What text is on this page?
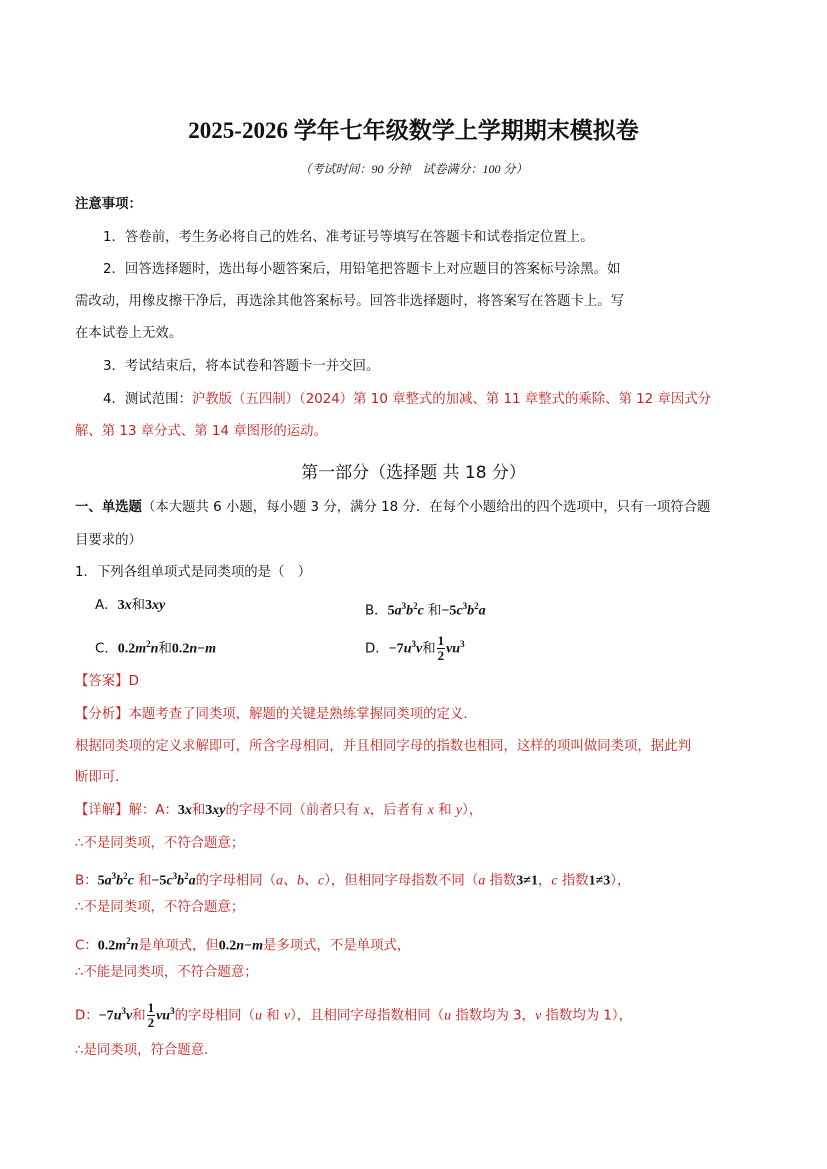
2025-2026 学年七年级数学上学期期末模拟卷
（考试时间：90 分钟　试卷满分：100 分）
注意事项：
1．答卷前，考生务必将自己的姓名、准考证号等填写在答题卡和试卷指定位置上。
2．回答选择题时，选出每小题答案后，用铅笔把答题卡上对应题目的答案标号涂黑。如
需改动，用橡皮擦干净后，再选涂其他答案标号。回答非选择题时，将答案写在答题卡上。写
在本试卷上无效。
3．考试结束后，将本试卷和答题卡一并交回。
4．测试范围：沪教版（五四制）（2024）第 10 章整式的加减、第 11 章整式的乘除、第 12 章因式分
解、第 13 章分式、第 14 章图形的运动。
第一部分（选择题 共 18 分）
一、单选题（本大题共 6 小题，每小题 3 分，满分 18 分．在每个小题给出的四个选项中，只有一项符合题
目要求的）
1．下列各组单项式是同类项的是（　）
A．3x和3xy	B．$5a^3b^2c$ 和$-5c^3b^2a$
C．$0.2m^2n$和0.2n−m	D．$-7u^3v$和 $\frac{1}{2} vu^3$
【答案】D
【分析】本题考查了同类项，解题的关键是熟练掌握同类项的定义．
根据同类项的定义求解即可，所含字母相同，并且相同字母的指数也相同，这样的项叫做同类项，据此判
断即可．
【详解】解：A：3x和3xy的字母不同（前者只有 x，后者有 x 和 y），
∴不是同类项，不符合题意；
B：$5a^3b^2c$ 和$-5c^3b^2a$的字母相同（a、b、c），但相同字母指数不同（a 指数3≠1，c 指数1≠3），
∴不是同类项，不符合题意；
C：$0.2m^2n$是单项式，但0.2n−m是多项式，不是单项式，
∴不能是同类项，不符合题意；
D：$-7u^3v$和 $\frac{1}{2} vu^3$的字母相同（u 和 v），且相同字母指数相同（u 指数均为 3，v 指数均为 1），
∴是同类项，符合题意．
